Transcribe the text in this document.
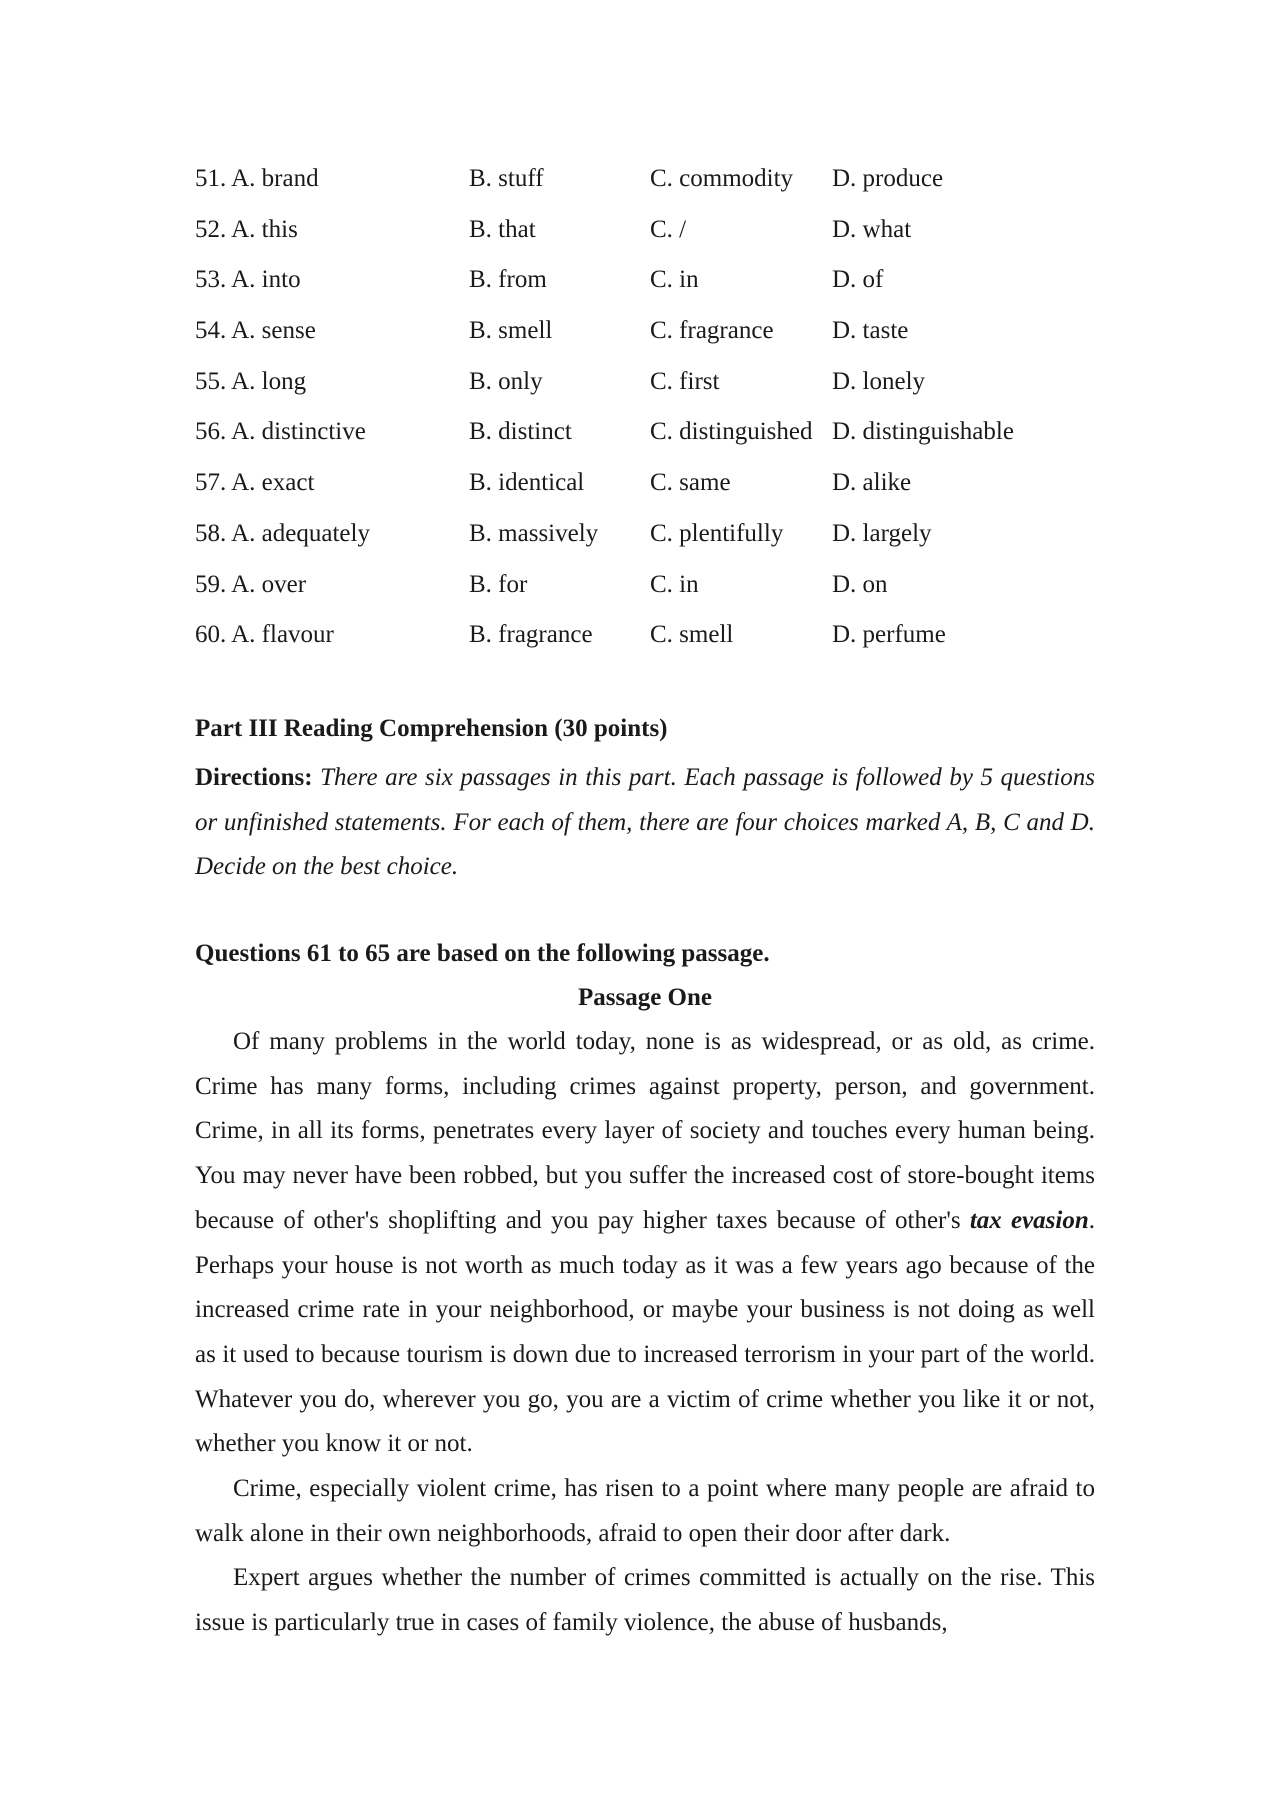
51. A. brand	B. stuff	C. commodity	D. produce
52. A. this	B. that	C. /	D. what
53. A. into	B. from	C. in	D. of
54. A. sense	B. smell	C. fragrance	D. taste
55. A. long	B. only	C. first	D. lonely
56. A. distinctive	B. distinct	C. distinguished D. distinguishable
57. A. exact	B. identical	C. same	D. alike
58. A. adequately	B. massively	C. plentifully	D. largely
59. A. over	B. for	C. in	D. on
60. A. flavour	B. fragrance	C. smell	D. perfume
Part III Reading Comprehension (30 points)
Directions: There are six passages in this part. Each passage is followed by 5 questions or unfinished statements. For each of them, there are four choices marked A, B, C and D. Decide on the best choice.
Questions 61 to 65 are based on the following passage.
Passage One

Of many problems in the world today, none is as widespread, or as old, as crime. Crime has many forms, including crimes against property, person, and government. Crime, in all its forms, penetrates every layer of society and touches every human being. You may never have been robbed, but you suffer the increased cost of store-bought items because of other's shoplifting and you pay higher taxes because of other's tax evasion. Perhaps your house is not worth as much today as it was a few years ago because of the increased crime rate in your neighborhood, or maybe your business is not doing as well as it used to because tourism is down due to increased terrorism in your part of the world. Whatever you do, wherever you go, you are a victim of crime whether you like it or not, whether you know it or not.

Crime, especially violent crime, has risen to a point where many people are afraid to walk alone in their own neighborhoods, afraid to open their door after dark.

Expert argues whether the number of crimes committed is actually on the rise. This issue is particularly true in cases of family violence, the abuse of husbands,
